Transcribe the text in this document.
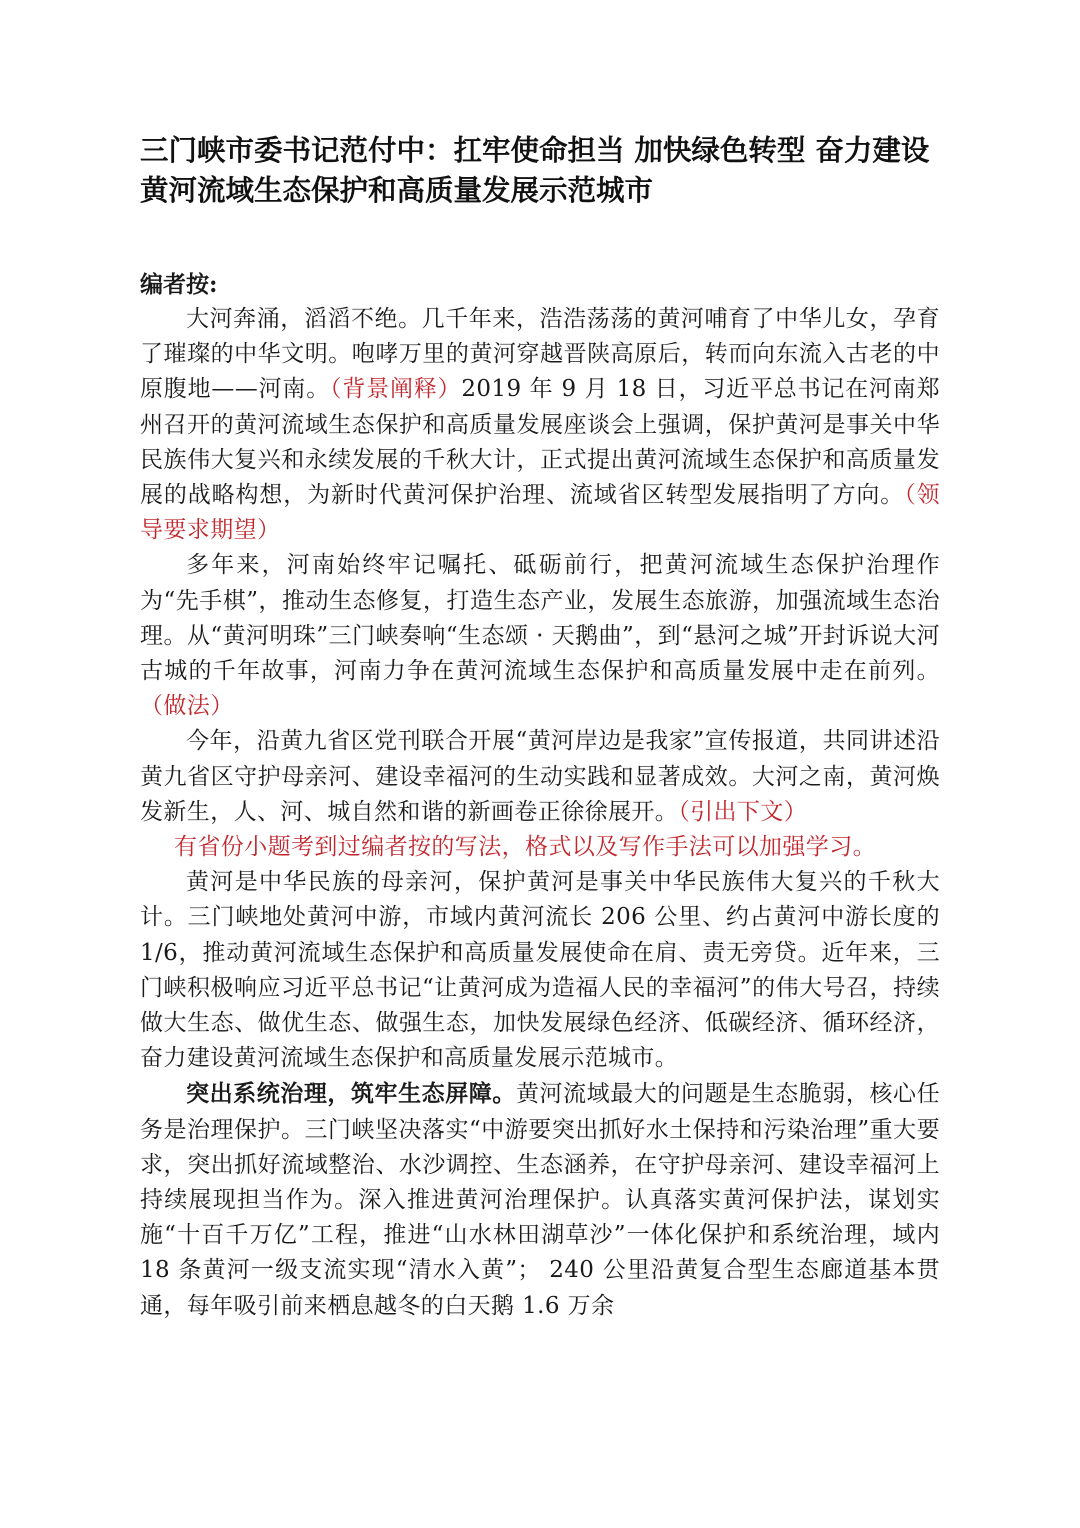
三门峡市委书记范付中：扛牢使命担当 加快绿色转型 奋力建设
黄河流域生态保护和高质量发展示范城市
编者按:

大河奔涌，滔滔不绝。几千年来，浩浩荡荡的黄河哺育了中华儿女，孕育了璀璨的中华文明。咆哮万里的黄河穿越晋陕高原后，转而向东流入古老的中原腹地——河南。（背景阐释）2019 年 9 月 18 日，习近平总书记在河南郑州召开的黄河流域生态保护和高质量发展座谈会上强调，保护黄河是事关中华民族伟大复兴和永续发展的千秋大计，正式提出黄河流域生态保护和高质量发展的战略构想，为新时代黄河保护治理、流域省区转型发展指明了方向。（领导要求期望）

多年来，河南始终牢记嘱托、砥砺前行，把黄河流域生态保护治理作为“先手棋”，推动生态修复，打造生态产业，发展生态旅游，加强流域生态治理。从“黄河明珠”三门峡奏响“生态颂 · 天鹅曲”，到“悬河之城”开封诉说大河古城的千年故事，河南力争在黄河流域生态保护和高质量发展中走在前列。（做法）

今年，沿黄九省区党刊联合开展“黄河岸边是我家”宣传报道，共同讲述沿黄九省区守护母亲河、建设幸福河的生动实践和显著成效。大河之南，黄河焕发新生，人、河、城自然和谐的新画卷正徐徐展开。（引出下文）

有省份小题考到过编者按的写法，格式以及写作手法可以加强学习。

黄河是中华民族的母亲河，保护黄河是事关中华民族伟大复兴的千秋大计。三门峡地处黄河中游，市域内黄河流长 206 公里、约占黄河中游长度的 1/6，推动黄河流域生态保护和高质量发展使命在肩、责无旁贷。近年来，三门峡积极响应习近平总书记“让黄河成为造福人民的幸福河”的伟大号召，持续做大生态、做优生态、做强生态，加快发展绿色经济、低碳经济、循环经济，奋力建设黄河流域生态保护和高质量发展示范城市。

突出系统治理，筑牢生态屏障。黄河流域最大的问题是生态脆弱，核心任务是治理保护。三门峡坚决落实“中游要突出抓好水土保持和污染治理”重大要求，突出抓好流域整治、水沙调控、生态涵养，在守护母亲河、建设幸福河上持续展现担当作为。深入推进黄河治理保护。认真落实黄河保护法，谋划实施“十百千万亿”工程，推进“山水林田湖草沙”一体化保护和系统治理，域内 18 条黄河一级支流实现“清水入黄”； 240 公里沿黄复合型生态廊道基本贯通，每年吸引前来栖息越冬的白天鹅 1.6 万余
